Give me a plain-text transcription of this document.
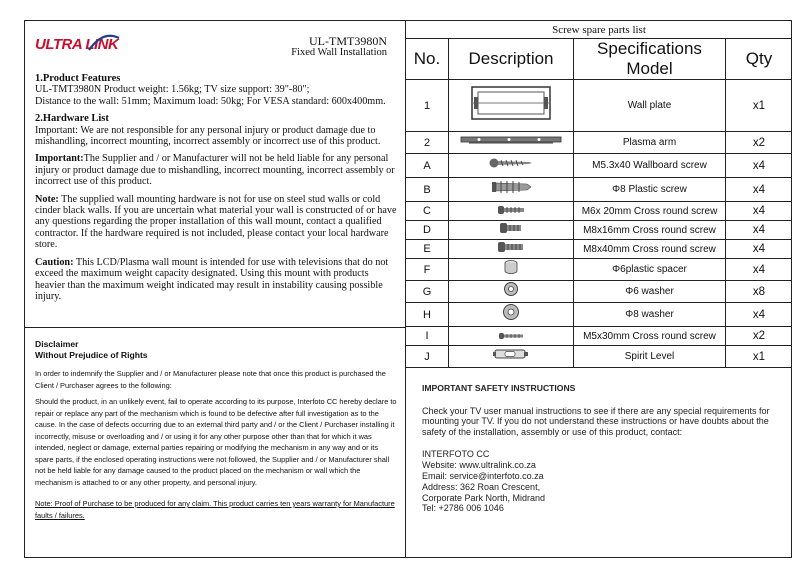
ULTRA LINK	UL-TMT3980N
Fixed Wall Installation
1.Product Features
UL-TMT3980N Product weight: 1.56kg; TV size support: 39"-80";
Distance to the wall: 51mm; Maximum load: 50kg; For VESA standard: 600x400mm.
2.Hardware List

Important: We are not responsible for any personal injury or product damage due to mishandling, incorrect mounting, incorrect assembly or incorrect use of this product.

Important:The Supplier and / or Manufacturer will not be held liable for any personal injury or product damage due to mishandling, incorrect mounting, incorrect assembly or incorrect use of this product.

Note: The supplied wall mounting hardware is not for use on steel stud walls or cold cinder black walls. If you are uncertain what material your wall is constructed of or have any questions regarding the proper installation of this wall mount, contact a qualified contractor. If the hardware required is not included, please contact your local hardware store.

Caution: This LCD/Plasma wall mount is intended for use with televisions that do not exceed the maximum weight capacity designated. Using this mount with products heavier than the maximum weight indicated may result in instability causing possible injury.

Disclaimer
Without Prejudice of Rights

In order to indemnify the Supplier and / or Manufacturer please note that once this product is purchased the Client / Purchaser agrees to the following:

Should the product, in an unlikely event, fail to operate according to its purpose, Interfoto CC hereby declare to repair or replace any part of the mechanism which is found to be defective after full investigation as to the cause. In the case of defects occurring due to an external third party and / or the Client / Purchaser installing it incorrectly, misuse or overloading and / or using it for any other purpose other than that for which it was intended, neglect or damage, external parties repairing or modifying the mechanism in any way and or its spare parts, if the enclosed operating instructions were not followed, the Supplier and / or Manufacturer shall not be held liable for any damage caused to the product placed on the mechanism or wall which the mechanism is attached to or any other property, and personal injury.

Note: Proof of Purchase to be produced for any claim. This product carries ten years warranty for Manufacture faults / failures.

Screw spare parts list
No.	Description	Specifications Model	Qty
1		Wall plate	x1
2		Plasma arm	x2
A		M5.3x40 Wallboard screw	x4
B		Φ8 Plastic screw	x4
C		M6x 20mm Cross round screw	x4
D		M8x16mm Cross round screw	x4
E		M8x40mm Cross round screw	x4
F		Φ6plastic spacer	x4
G		Φ6 washer	x8
H		Φ8 washer	x4
I		M5x30mm Cross round screw	x2
J		Spirit Level	x1
IMPORTANT SAFETY INSTRUCTIONS

Check your TV user manual instructions to see if there are any special requirements for mounting your TV. If you do not understand these instructions or have doubts about the safety of the installation, assembly or use of this product, contact:

INTERFOTO CC
Website: www.ultralink.co.za
Email: service@interfoto.co.za
Address: 362 Roan Crescent,
Corporate Park North, Midrand
Tel: +2786 006 1046
